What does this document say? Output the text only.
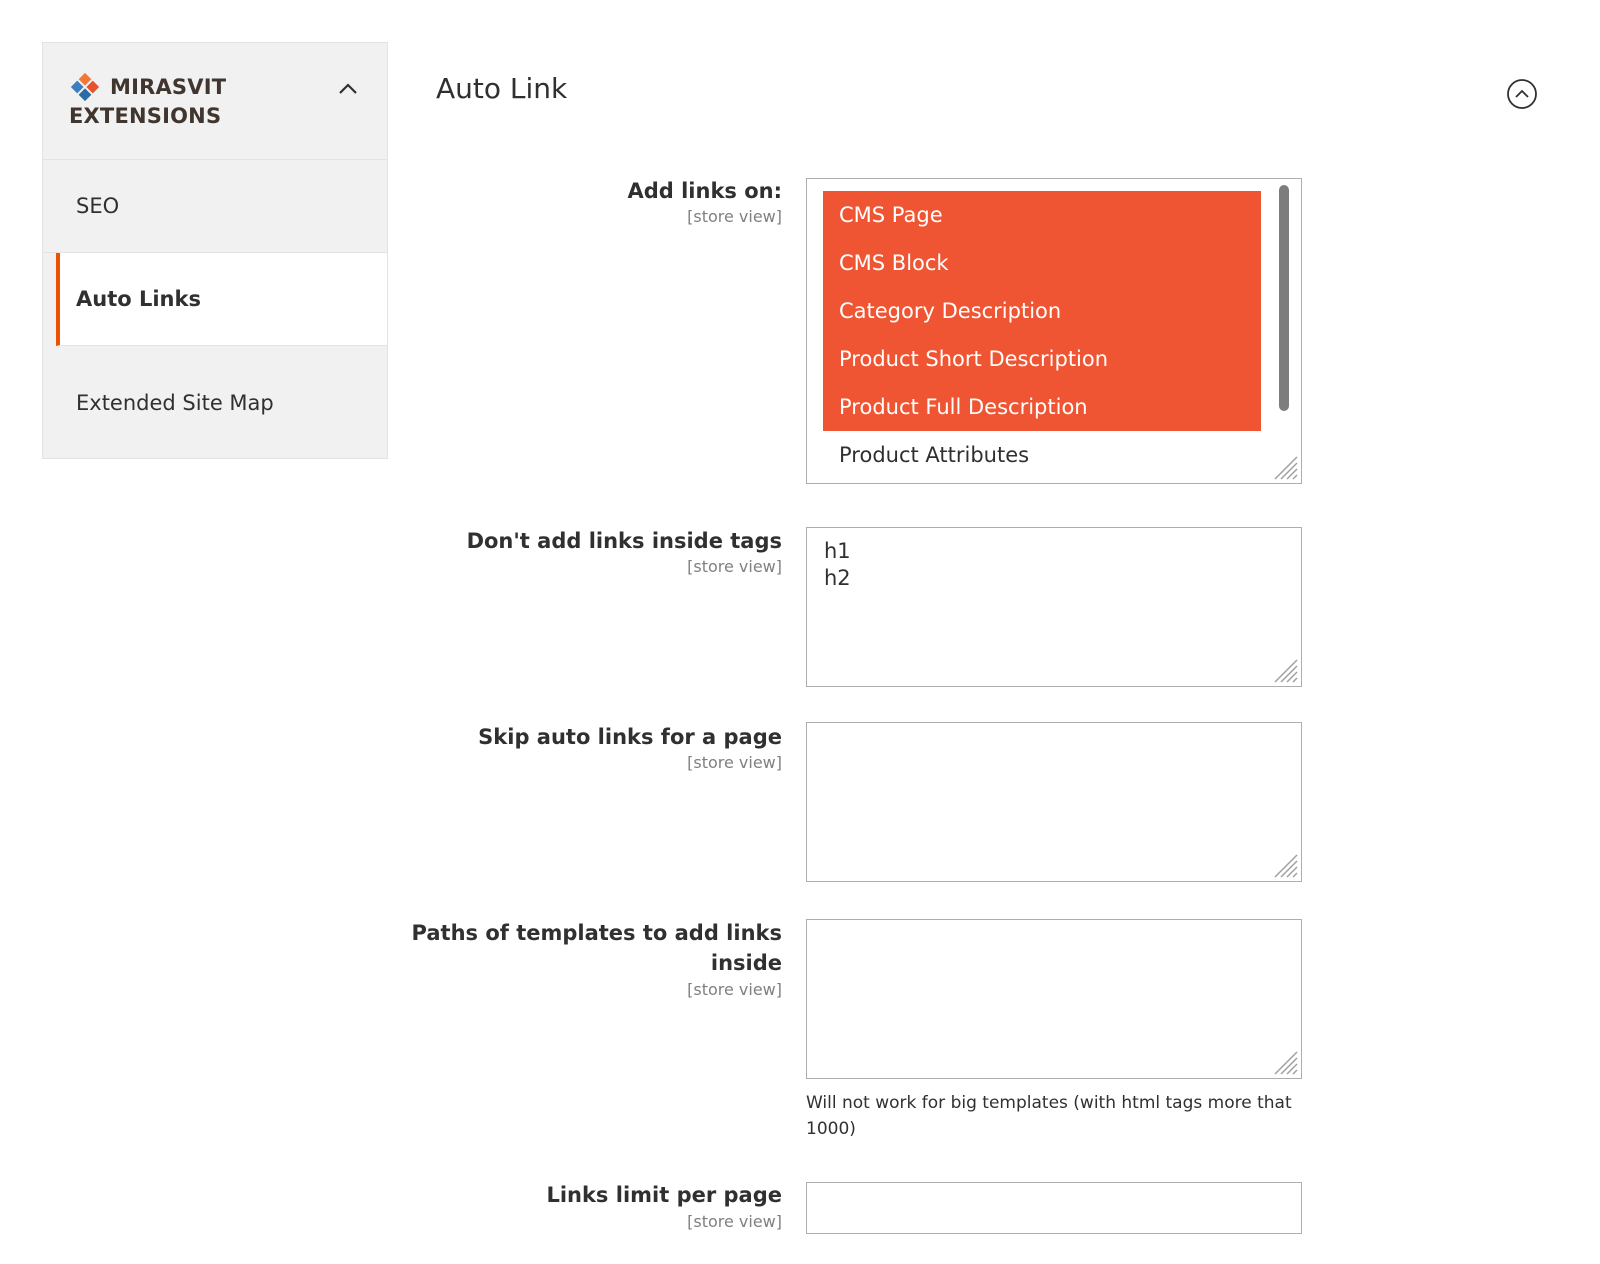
MIRASVIT
EXTENSIONS
SEO
Auto Links
Extended Site Map
Auto Link
Add links on:
[store view]	CMS Page
CMS Block
Category Description
Product Short Description
Product Full Description
Product Attributes
Don't add links inside tags
[store view]
h1
h2
Skip auto links for a page
[store view]
Paths of templates to add links
inside
[store view]
Will not work for big templates (with html tags more that 1000)
Links limit per page
[store view]
